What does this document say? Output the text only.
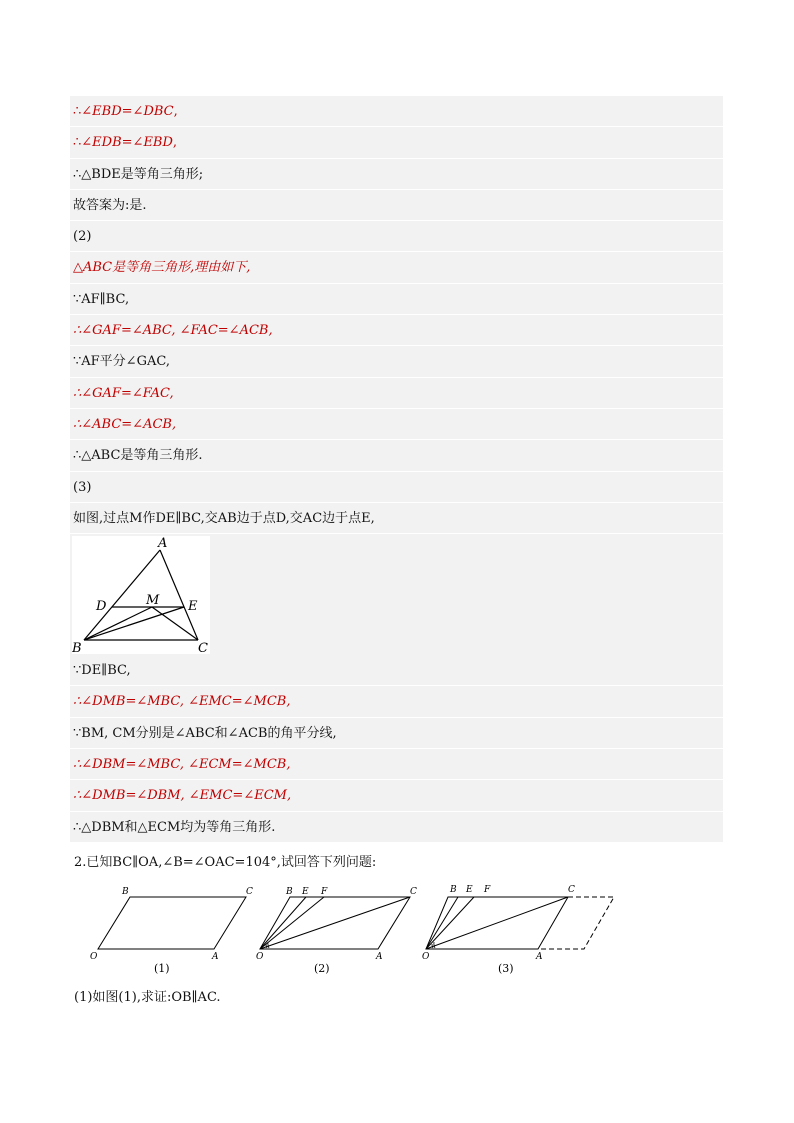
∴∠EBD=∠DBC,
∴∠EDB=∠EBD,
∴△BDE是等角三角形;
故答案为:是.
(2)
△ABC是等角三角形,理由如下,
∵AF∥BC,
∴∠GAF=∠ABC, ∠FAC=∠ACB,
∵AF平分∠GAC,
∴∠GAF=∠FAC,
∴∠ABC=∠ACB,
∴△ABC是等角三角形.
(3)
如图,过点M作DE∥BC,交AB边于点D,交AC边于点E,
A
D	M E
B	C
∵DE∥BC,
∴∠DMB=∠MBC, ∠EMC=∠MCB,
∵BM, CM分别是∠ABC和∠ACB的角平分线,
∴∠DBM=∠MBC, ∠ECM=∠MCB,
∴∠DMB=∠DBM, ∠EMC=∠ECM,
∴△DBM和△ECM均为等角三角形.
2.已知BC∥OA,∠B=∠OAC=104°,试回答下列问题:
B	C
O	A
(1)
B E F	C
O	A
(2)
B E F	C
O	A
(3)
(1)如图(1),求证:OB∥AC.
